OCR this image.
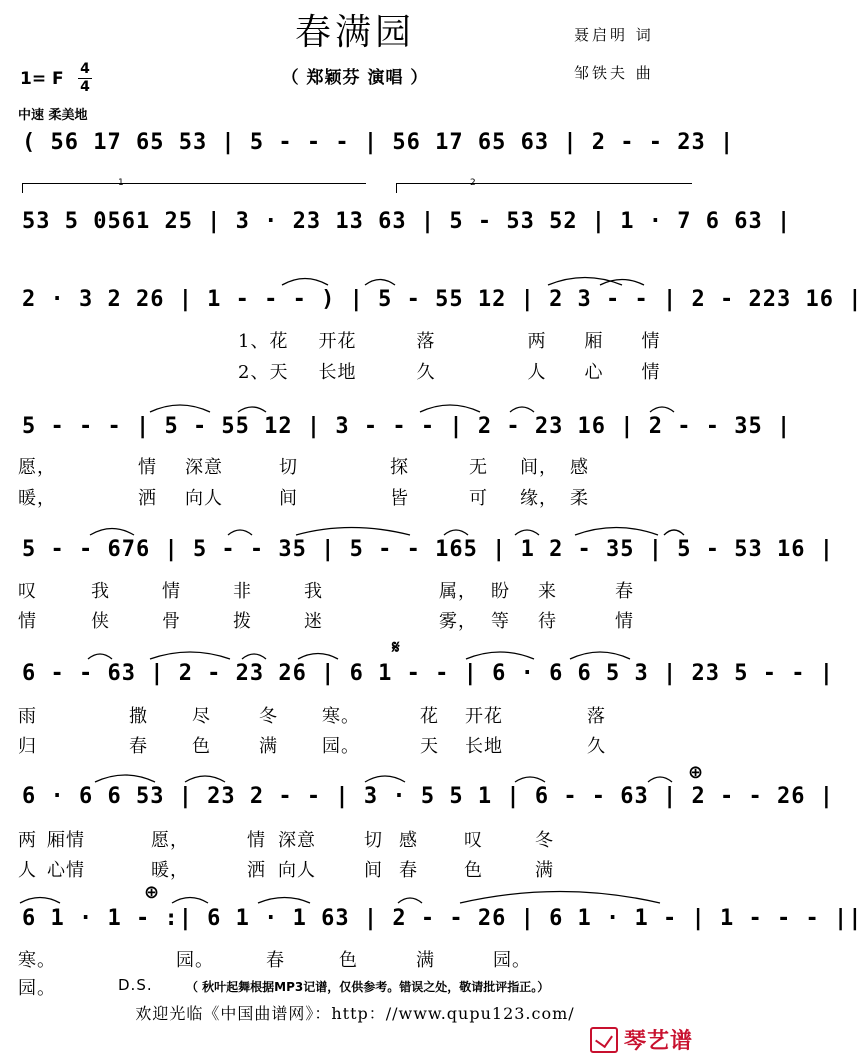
春满园
（ 郑颖芬 演唱 ）
聂启明 词
邹铁夫 曲
1= F 4
4
中速 柔美地
1	2
( 56 17 65 53 | 5 - - - | 56 17 65 63 | 2 - - 23 |
53 5 0561 25 | 3 · 23 13 63 | 5 - 53 52 | 1 · 7 6 63 |
2 · 3 2 26 | 1 - - - ) | 5 - 55 12 | 2 3 - - | 2 - 223 16 |
5 - - - | 5 - 55 12 | 3 - - - | 2 - 23 16 | 2 - - 35 |
5 - - 676 | 5 - - 35 | 5 - - 165 | 1 2 - 35 | 5 - 53 16 |
6 - - 63 | 2 - 23 26 | 6 1 - - | 6 · 6 6 5 3 | 23 5 - - |
6 · 6 6 53 | 23 2 - - | 3 · 5 5 1 | 6 - - 63 | 2 - - 26 |
6 1 · 1 - :| 6 1 · 1 63 | 2 - - 26 | 6 1 · 1 - | 1 - - - ||
1、花 开花	落	两 厢 情
2、天 长地	久	人 心 情
愿，	情 深意	切	探	无 间， 感
暖，	洒 向人	间	皆	可 缘， 柔
叹	我	情	非	我	属， 盼 来	春
情	侠	骨	拨	迷	雾， 等 待	情
雨	撒 尽	冬 寒。	花 开花	落
归	春 色	满 园。	天 长地	久
两 厢情	愿，	情 深意	切 感	叹	冬
人 心情	暖，	洒 向人	间 春	色	满
寒。	园。	春	色	满	园。
园。
𝄋
⊕
⊕
D.S.	（ 秋叶起舞根据MP3记谱，仅供参考。错误之处，敬请批评指正。）
欢迎光临《中国曲谱网》：http：//www.qupu123.com/
琴艺谱
